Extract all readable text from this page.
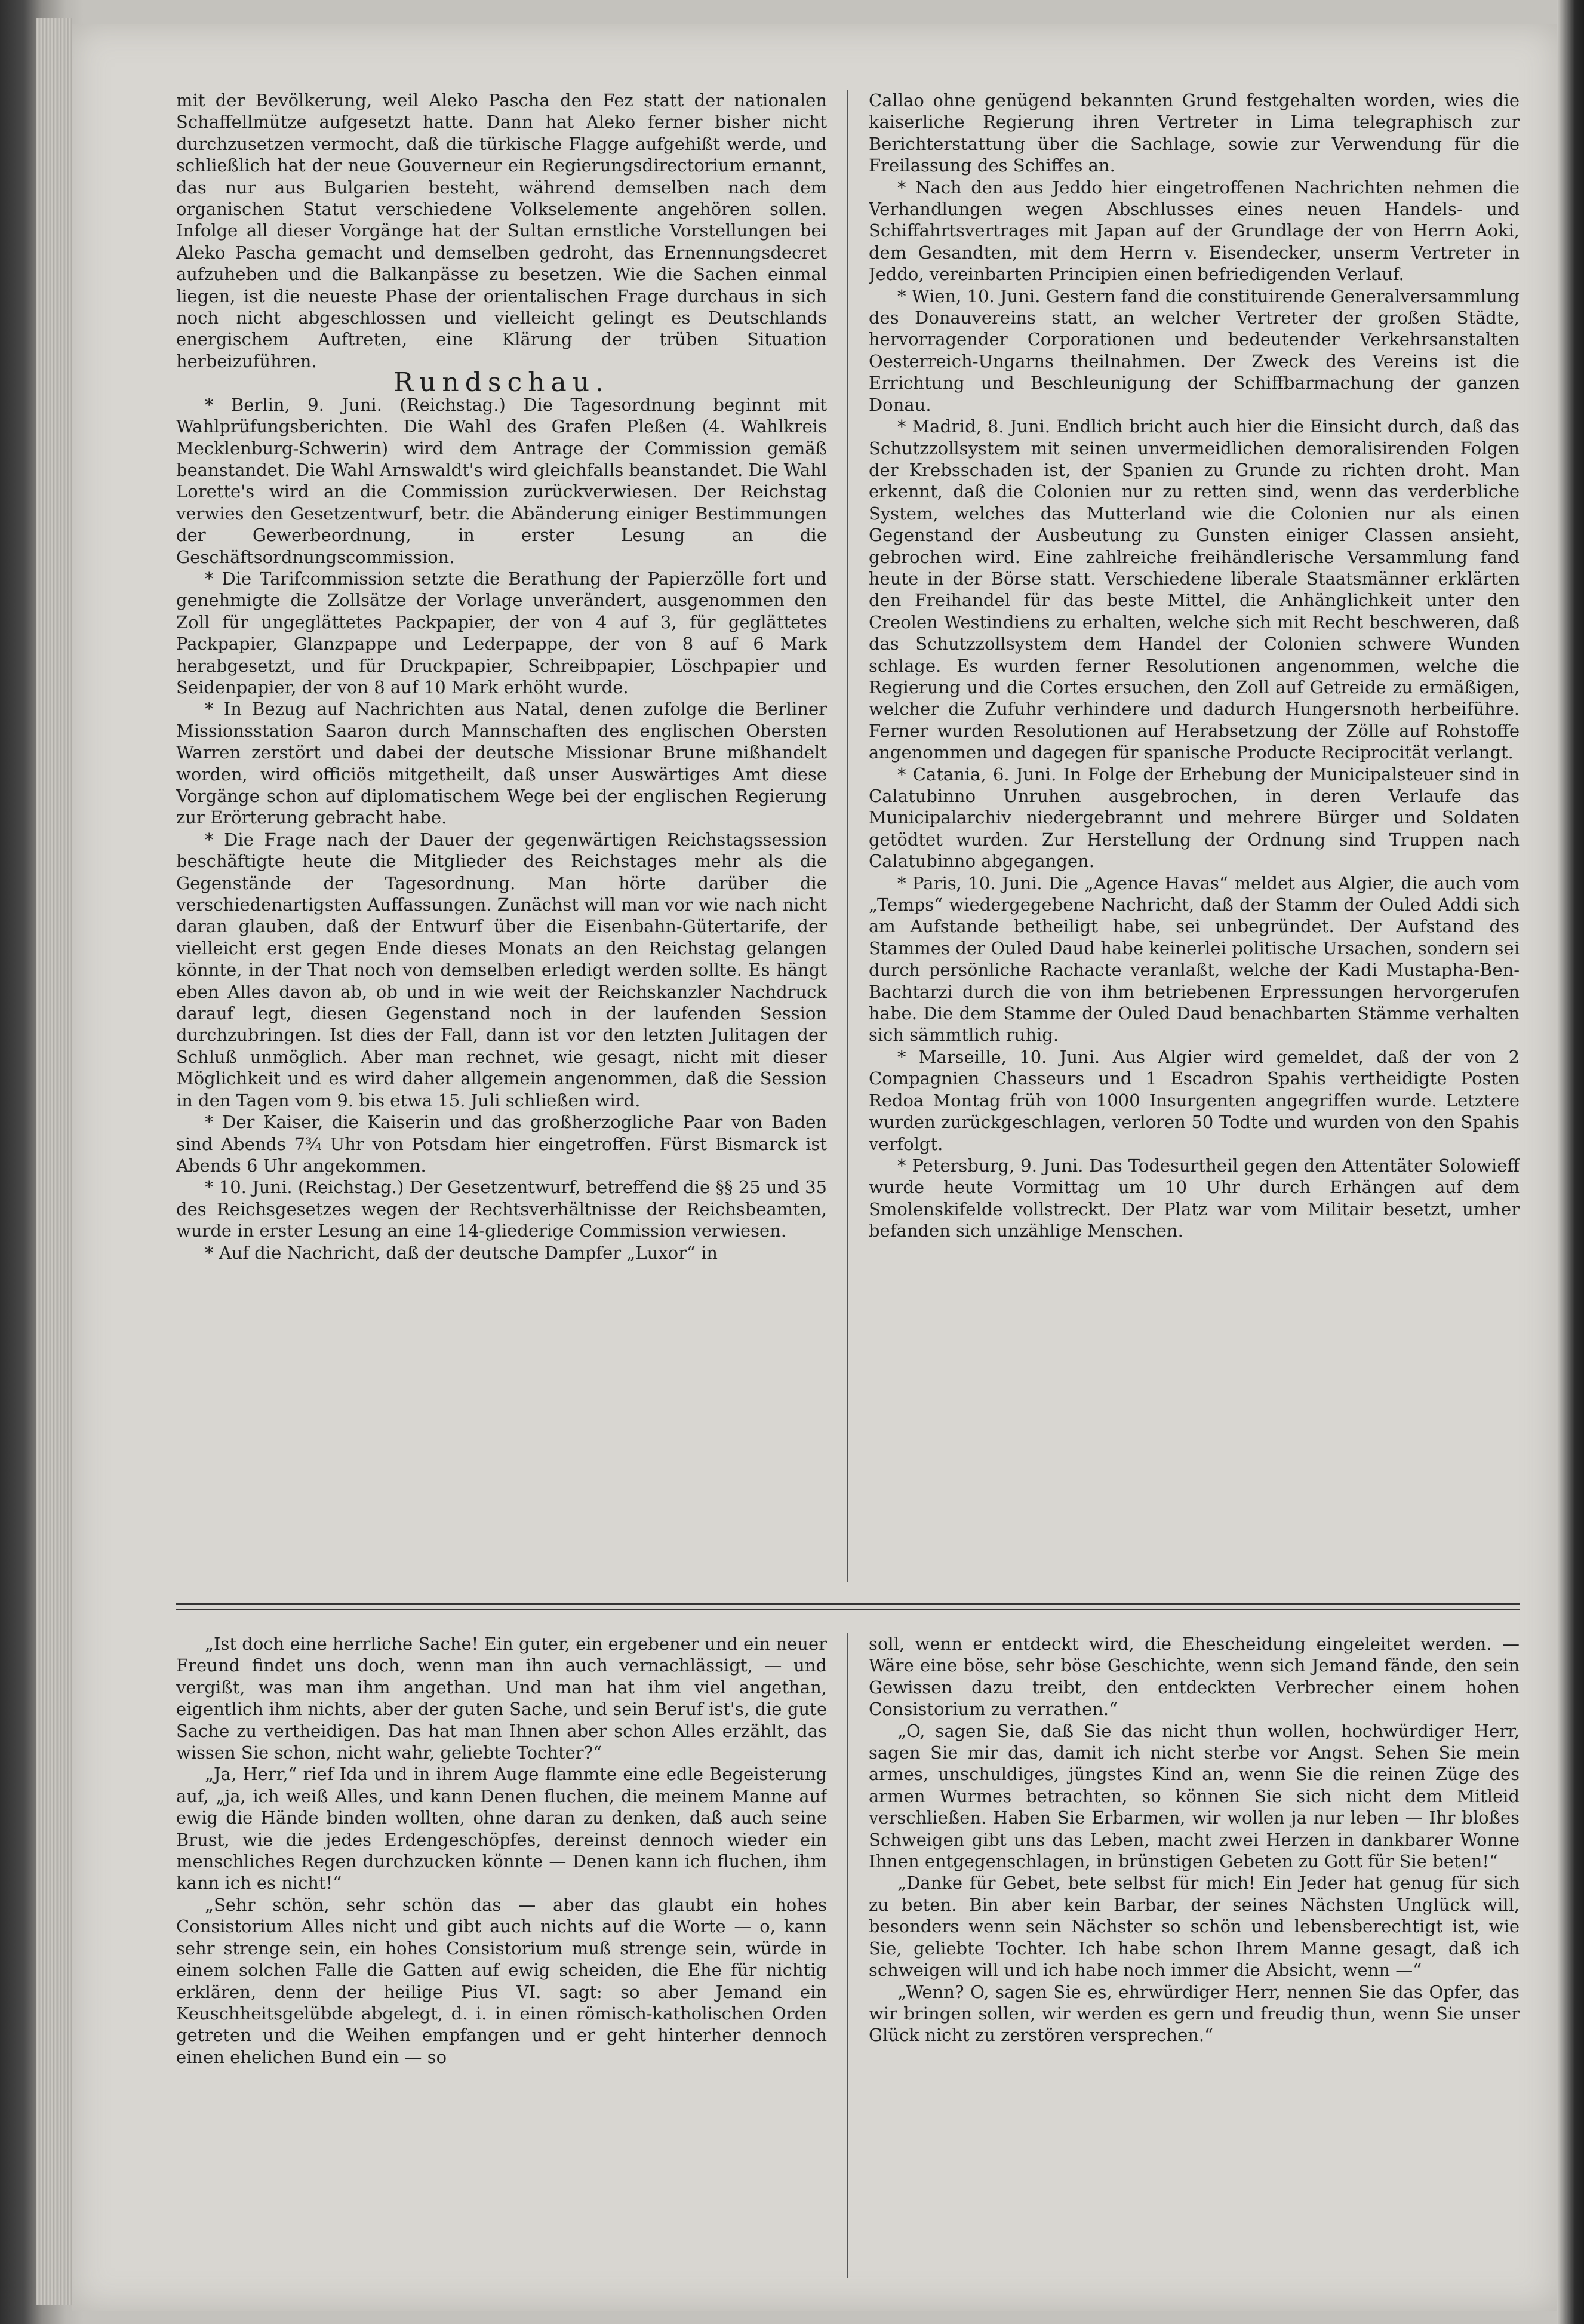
mit der Bevölkerung, weil Aleko Pascha den Fez statt der nationalen Schaffellmütze aufgesetzt hatte. Dann hat Aleko ferner bisher nicht durchzusetzen vermocht, daß die türkische Flagge aufgehißt werde, und schließlich hat der neue Gouverneur ein Regierungsdirectorium ernannt, das nur aus Bulgarien besteht, während demselben nach dem organischen Statut verschiedene Volkselemente angehören sollen. Infolge all dieser Vorgänge hat der Sultan ernstliche Vorstellungen bei Aleko Pascha gemacht und demselben gedroht, das Ernennungsdecret aufzuheben und die Balkanpässe zu besetzen. Wie die Sachen einmal liegen, ist die neueste Phase der orientalischen Frage durchaus in sich noch nicht abgeschlossen und vielleicht gelingt es Deutschlands energischem Auftreten, eine Klärung der trüben Situation herbeizuführen.

Rundschau.

* Berlin, 9. Juni. (Reichstag.) Die Tagesordnung beginnt mit Wahlprüfungsberichten. Die Wahl des Grafen Pleßen (4. Wahlkreis Mecklenburg-Schwerin) wird dem Antrage der Commission gemäß beanstandet. Die Wahl Arnswaldt's wird gleichfalls beanstandet. Die Wahl Lorette's wird an die Commission zurückverwiesen. Der Reichstag verwies den Gesetzentwurf, betr. die Abänderung einiger Bestimmungen der Gewerbeordnung, in erster Lesung an die Geschäftsordnungscommission.

* Die Tarifcommission setzte die Berathung der Papierzölle fort und genehmigte die Zollsätze der Vorlage unverändert, ausgenommen den Zoll für ungeglättetes Packpapier, der von 4 auf 3, für geglättetes Packpapier, Glanzpappe und Lederpappe, der von 8 auf 6 Mark herabgesetzt, und für Druckpapier, Schreibpapier, Löschpapier und Seidenpapier, der von 8 auf 10 Mark erhöht wurde.

* In Bezug auf Nachrichten aus Natal, denen zufolge die Berliner Missionsstation Saaron durch Mannschaften des englischen Obersten Warren zerstört und dabei der deutsche Missionar Brune mißhandelt worden, wird officiös mitgetheilt, daß unser Auswärtiges Amt diese Vorgänge schon auf diplomatischem Wege bei der englischen Regierung zur Erörterung gebracht habe.

* Die Frage nach der Dauer der gegenwärtigen Reichstagssession beschäftigte heute die Mitglieder des Reichstages mehr als die Gegenstände der Tagesordnung. Man hörte darüber die verschiedenartigsten Auffassungen. Zunächst will man vor wie nach nicht daran glauben, daß der Entwurf über die Eisenbahn-Gütertarife, der vielleicht erst gegen Ende dieses Monats an den Reichstag gelangen könnte, in der That noch von demselben erledigt werden sollte. Es hängt eben Alles davon ab, ob und in wie weit der Reichskanzler Nachdruck darauf legt, diesen Gegenstand noch in der laufenden Session durchzubringen. Ist dies der Fall, dann ist vor den letzten Julitagen der Schluß unmöglich. Aber man rechnet, wie gesagt, nicht mit dieser Möglichkeit und es wird daher allgemein angenommen, daß die Session in den Tagen vom 9. bis etwa 15. Juli schließen wird.

* Der Kaiser, die Kaiserin und das großherzogliche Paar von Baden sind Abends 7¾ Uhr von Potsdam hier eingetroffen. Fürst Bismarck ist Abends 6 Uhr angekommen.

* 10. Juni. (Reichstag.) Der Gesetzentwurf, betreffend die §§ 25 und 35 des Reichsgesetzes wegen der Rechtsverhältnisse der Reichsbeamten, wurde in erster Lesung an eine 14-gliederige Commission verwiesen.

* Auf die Nachricht, daß der deutsche Dampfer „Luxor“ in

Callao ohne genügend bekannten Grund festgehalten worden, wies die kaiserliche Regierung ihren Vertreter in Lima telegraphisch zur Berichterstattung über die Sachlage, sowie zur Verwendung für die Freilassung des Schiffes an.

* Nach den aus Jeddo hier eingetroffenen Nachrichten nehmen die Verhandlungen wegen Abschlusses eines neuen Handels- und Schiffahrtsvertrages mit Japan auf der Grundlage der von Herrn Aoki, dem Gesandten, mit dem Herrn v. Eisendecker, unserm Vertreter in Jeddo, vereinbarten Principien einen befriedigenden Verlauf.

* Wien, 10. Juni. Gestern fand die constituirende Generalversammlung des Donauvereins statt, an welcher Vertreter der großen Städte, hervorragender Corporationen und bedeutender Verkehrsanstalten Oesterreich-Ungarns theilnahmen. Der Zweck des Vereins ist die Errichtung und Beschleunigung der Schiffbarmachung der ganzen Donau.

* Madrid, 8. Juni. Endlich bricht auch hier die Einsicht durch, daß das Schutzzollsystem mit seinen unvermeidlichen demoralisirenden Folgen der Krebsschaden ist, der Spanien zu Grunde zu richten droht. Man erkennt, daß die Colonien nur zu retten sind, wenn das verderbliche System, welches das Mutterland wie die Colonien nur als einen Gegenstand der Ausbeutung zu Gunsten einiger Classen ansieht, gebrochen wird. Eine zahlreiche freihändlerische Versammlung fand heute in der Börse statt. Verschiedene liberale Staatsmänner erklärten den Freihandel für das beste Mittel, die Anhänglichkeit unter den Creolen Westindiens zu erhalten, welche sich mit Recht beschweren, daß das Schutzzollsystem dem Handel der Colonien schwere Wunden schlage. Es wurden ferner Resolutionen angenommen, welche die Regierung und die Cortes ersuchen, den Zoll auf Getreide zu ermäßigen, welcher die Zufuhr verhindere und dadurch Hungersnoth herbeiführe. Ferner wurden Resolutionen auf Herabsetzung der Zölle auf Rohstoffe angenommen und dagegen für spanische Producte Reciprocität verlangt.

* Catania, 6. Juni. In Folge der Erhebung der Municipalsteuer sind in Calatubinno Unruhen ausgebrochen, in deren Verlaufe das Municipalarchiv niedergebrannt und mehrere Bürger und Soldaten getödtet wurden. Zur Herstellung der Ordnung sind Truppen nach Calatubinno abgegangen.

* Paris, 10. Juni. Die „Agence Havas“ meldet aus Algier, die auch vom „Temps“ wiedergegebene Nachricht, daß der Stamm der Ouled Addi sich am Aufstande betheiligt habe, sei unbegründet. Der Aufstand des Stammes der Ouled Daud habe keinerlei politische Ursachen, sondern sei durch persönliche Rachacte veranlaßt, welche der Kadi Mustapha-Ben-Bachtarzi durch die von ihm betriebenen Erpressungen hervorgerufen habe. Die dem Stamme der Ouled Daud benachbarten Stämme verhalten sich sämmtlich ruhig.

* Marseille, 10. Juni. Aus Algier wird gemeldet, daß der von 2 Compagnien Chasseurs und 1 Escadron Spahis vertheidigte Posten Redoa Montag früh von 1000 Insurgenten angegriffen wurde. Letztere wurden zurückgeschlagen, verloren 50 Todte und wurden von den Spahis verfolgt.

* Petersburg, 9. Juni. Das Todesurtheil gegen den Attentäter Solowieff wurde heute Vormittag um 10 Uhr durch Erhängen auf dem Smolenskifelde vollstreckt. Der Platz war vom Militair besetzt, umher befanden sich unzählige Menschen.

„Ist doch eine herrliche Sache! Ein guter, ein ergebener und ein neuer Freund findet uns doch, wenn man ihn auch vernachlässigt, — und vergißt, was man ihm angethan. Und man hat ihm viel angethan, eigentlich ihm nichts, aber der guten Sache, und sein Beruf ist's, die gute Sache zu vertheidigen. Das hat man Ihnen aber schon Alles erzählt, das wissen Sie schon, nicht wahr, geliebte Tochter?“

„Ja, Herr,“ rief Ida und in ihrem Auge flammte eine edle Begeisterung auf, „ja, ich weiß Alles, und kann Denen fluchen, die meinem Manne auf ewig die Hände binden wollten, ohne daran zu denken, daß auch seine Brust, wie die jedes Erdengeschöpfes, dereinst dennoch wieder ein menschliches Regen durchzucken könnte — Denen kann ich fluchen, ihm kann ich es nicht!“

„Sehr schön, sehr schön das — aber das glaubt ein hohes Consistorium Alles nicht und gibt auch nichts auf die Worte — o, kann sehr strenge sein, ein hohes Consistorium muß strenge sein, würde in einem solchen Falle die Gatten auf ewig scheiden, die Ehe für nichtig erklären, denn der heilige Pius VI. sagt: so aber Jemand ein Keuschheitsgelübde abgelegt, d. i. in einen römisch-katholischen Orden getreten und die Weihen empfangen und er geht hinterher dennoch einen ehelichen Bund ein — so

soll, wenn er entdeckt wird, die Ehescheidung eingeleitet werden. — Wäre eine böse, sehr böse Geschichte, wenn sich Jemand fände, den sein Gewissen dazu treibt, den entdeckten Verbrecher einem hohen Consistorium zu verrathen.“

„O, sagen Sie, daß Sie das nicht thun wollen, hochwürdiger Herr, sagen Sie mir das, damit ich nicht sterbe vor Angst. Sehen Sie mein armes, unschuldiges, jüngstes Kind an, wenn Sie die reinen Züge des armen Wurmes betrachten, so können Sie sich nicht dem Mitleid verschließen. Haben Sie Erbarmen, wir wollen ja nur leben — Ihr bloßes Schweigen gibt uns das Leben, macht zwei Herzen in dankbarer Wonne Ihnen entgegenschlagen, in brünstigen Gebeten zu Gott für Sie beten!“

„Danke für Gebet, bete selbst für mich! Ein Jeder hat genug für sich zu beten. Bin aber kein Barbar, der seines Nächsten Unglück will, besonders wenn sein Nächster so schön und lebensberechtigt ist, wie Sie, geliebte Tochter. Ich habe schon Ihrem Manne gesagt, daß ich schweigen will und ich habe noch immer die Absicht, wenn —“

„Wenn? O, sagen Sie es, ehrwürdiger Herr, nennen Sie das Opfer, das wir bringen sollen, wir werden es gern und freudig thun, wenn Sie unser Glück nicht zu zerstören versprechen.“
